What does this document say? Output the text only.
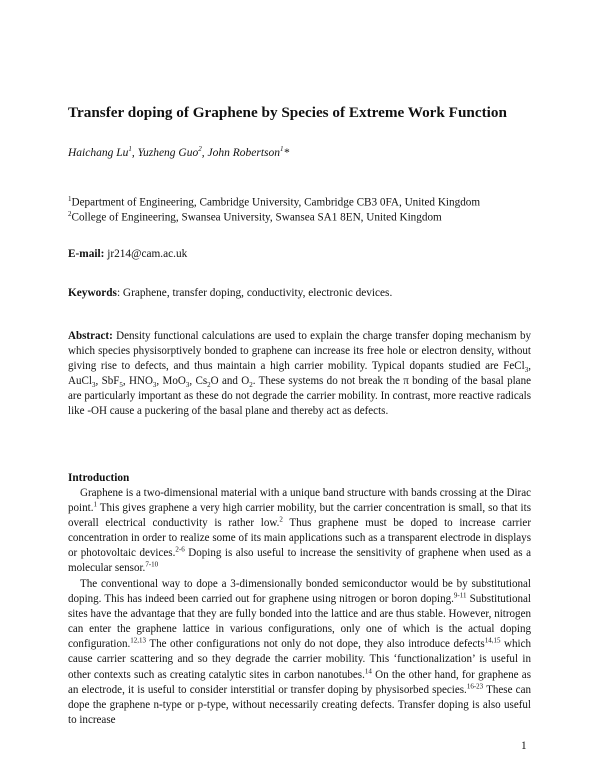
Transfer doping of Graphene by Species of Extreme Work Function
Haichang Lu$^1$, Yuzheng Guo$^2$, John Robertson$^1$*
$^1$Department of Engineering, Cambridge University, Cambridge CB3 0FA, United Kingdom
$^2$College of Engineering, Swansea University, Swansea SA1 8EN, United Kingdom
E-mail: jr214@cam.ac.uk
Keywords: Graphene, transfer doping, conductivity, electronic devices.
Abstract: Density functional calculations are used to explain the charge transfer doping mechanism by which species physisorptively bonded to graphene can increase its free hole or electron density, without giving rise to defects, and thus maintain a high carrier mobility. Typical dopants studied are FeCl$_3$, AuCl$_3$, SbF$_5$, $HNO_3$, MoO$_3$, $Cs_2O$ and $O_2$. These systems do not break the π bonding of the basal plane are particularly important as these do not degrade the carrier mobility. In contrast, more reactive radicals like -OH cause a puckering of the basal plane and thereby act as defects.
Introduction
Graphene is a two-dimensional material with a unique band structure with bands crossing at the Dirac point.$^1$ This gives graphene a very high carrier mobility, but the carrier concentration is small, so that its overall electrical conductivity is rather low.$^2$ Thus graphene must be doped to increase carrier concentration in order to realize some of its main applications such as a transparent electrode in displays or photovoltaic devices.$^{2-6}$ Doping is also useful to increase the sensitivity of graphene when used as a molecular sensor.$^{7-10}$
The conventional way to dope a 3-dimensionally bonded semiconductor would be by substitutional doping. This has indeed been carried out for graphene using nitrogen or boron doping.$^{9-11}$ Substitutional sites have the advantage that they are fully bonded into the lattice and are thus stable. However, nitrogen can enter the graphene lattice in various configurations, only one of which is the actual doping configuration.$^{12,13}$ The other configurations not only do not dope, they also introduce defects$^{14,15}$ which cause carrier scattering and so they degrade the carrier mobility. This ‘functionalization’ is useful in other contexts such as creating catalytic sites in carbon nanotubes.$^{14}$ On the other hand, for graphene as an electrode, it is useful to consider interstitial or transfer doping by physisorbed species.$^{16-23}$ These can dope the graphene n-type or p-type, without necessarily creating defects. Transfer doping is also useful to increase
1
